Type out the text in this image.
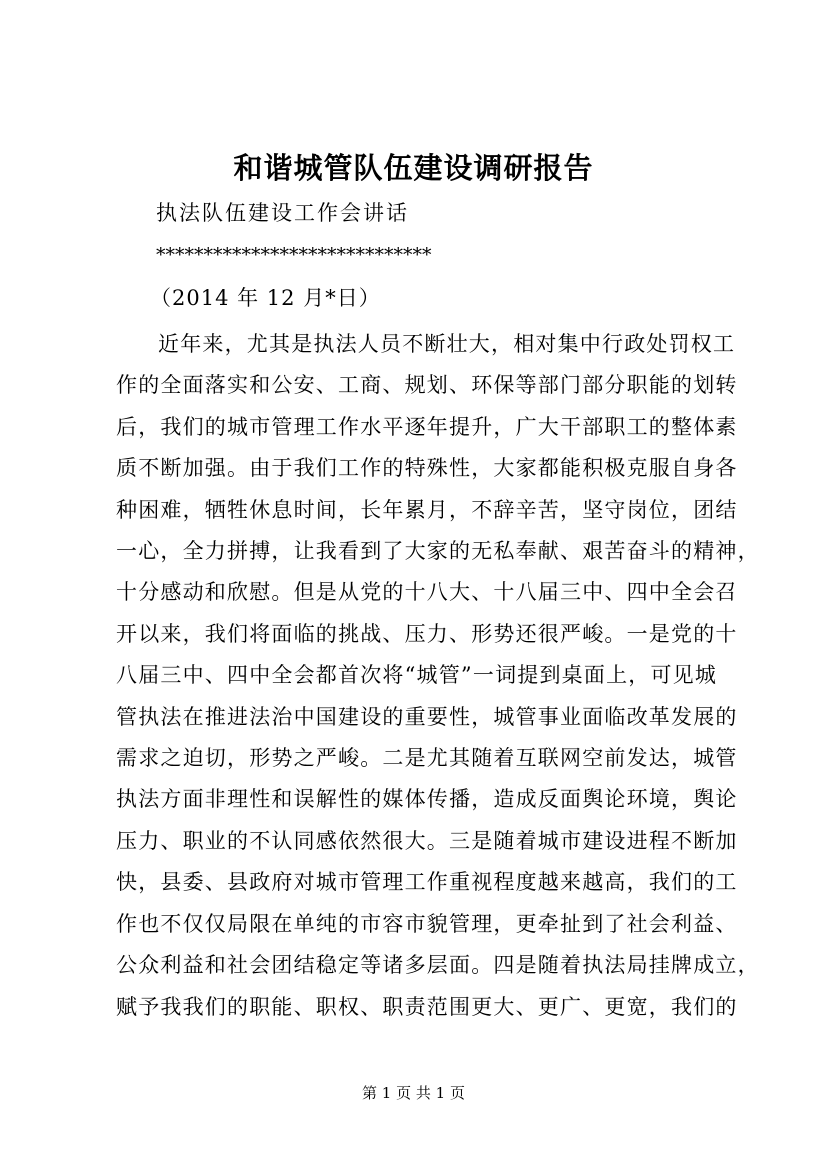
和谐城管队伍建设调研报告
执法队伍建设工作会讲话
*****************************
（2014 年 12 月*日）
近年来，尤其是执法人员不断壮大，相对集中行政处罚权工
作的全面落实和公安、工商、规划、环保等部门部分职能的划转
后，我们的城市管理工作水平逐年提升，广大干部职工的整体素
质不断加强。由于我们工作的特殊性，大家都能积极克服自身各
种困难，牺牲休息时间，长年累月，不辞辛苦，坚守岗位，团结
一心，全力拼搏，让我看到了大家的无私奉献、艰苦奋斗的精神，
十分感动和欣慰。但是从党的十八大、十八届三中、四中全会召
开以来，我们将面临的挑战、压力、形势还很严峻。一是党的十
八届三中、四中全会都首次将“城管”一词提到桌面上，可见城
管执法在推进法治中国建设的重要性，城管事业面临改革发展的
需求之迫切，形势之严峻。二是尤其随着互联网空前发达，城管
执法方面非理性和误解性的媒体传播，造成反面舆论环境，舆论
压力、职业的不认同感依然很大。三是随着城市建设进程不断加
快，县委、县政府对城市管理工作重视程度越来越高，我们的工
作也不仅仅局限在单纯的市容市貌管理，更牵扯到了社会利益、
公众利益和社会团结稳定等诸多层面。四是随着执法局挂牌成立，
赋予我我们的职能、职权、职责范围更大、更广、更宽，我们的
第 1 页 共 1 页
